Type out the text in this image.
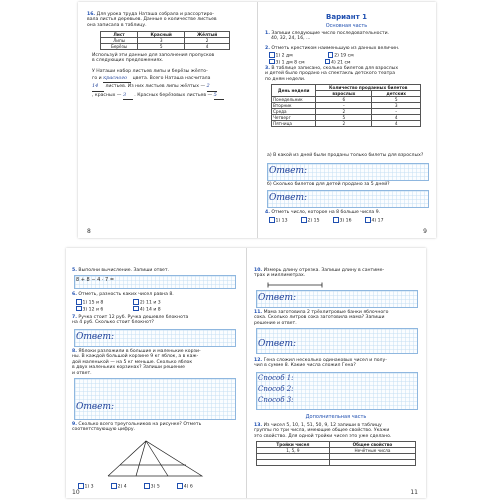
16. Для урока труда Наташа собрала и рассортиро-
вала листья деревьев. Данные о количестве листьев
она записала в таблицу.
Лист	Красный	Жёлтый
Липы	3	2
Берёзы	5	4
Используй эти данные для заполнения пропусков
в следующих предложениях.
У Наташи набор листьев липы и берёзы жёлто-
го и красного цвета. Всего Наташа насчитала
14 листьев. Из них листьев липы жёлтых — 2
, красных — 3 . Красных берёзовых листьев — 5
8
Вариант 1
Основная часть
1. Запиши следующие число последовательности.
40, 32, 24, 16, ...
2. Отметь крестиком наименьшую из данных величин.
1) 2 дм	2) 19 см
3) 1 дм 8 см	4) 21 см
3. В таблице записано, сколько билетов для взрослых
и детей было продано на спектакль детского театра
по дням недели.
День недели	Количество проданных билетов	
	взрослых	детских
Понедельник	6	5
Вторник	–	3
Среда	2	–
Четверг	5	4
Пятница	2	4
а) В какой из дней были проданы только билеты для взрослых?
Ответ:
б) Сколько билетов для детей продано за 5 дней?
Ответ:
4. Отметь число, которое на 8 больше числа 9.
1) 13	2) 15	3) 16	4) 17
9
5. Выполни вычисление. Запиши ответ.
8 + 8 − 4 · 7 =
6. Отметь, разность каких чисел равна 8.
1) 15 и 8	2) 11 и 3
3) 12 и 6	4) 14 и 8
7. Ручка стоит 12 руб. Ручка дешевле блокнота
на 4 руб. Сколько стоит блокнот?
Ответ:
8. Яблоки разложили в большие и маленькие корзи-
ны. В каждой большой корзине 9 кг яблок, а в каж-
дой маленькой — на 5 кг меньше. Сколько яблок
в двух маленьких корзинах? Запиши решение
и ответ.
Ответ:
9. Сколько всего треугольников на рисунке? Отметь
соответствующую цифру.
1) 3	2) 4	3) 5	4) 6
10
10. Измерь длину отрезка. Запиши длину в сантиме-
трах и миллиметрах.
Ответ:
11. Мама заготовила 2 трёхлитровые банки яблочного
сока. Сколько литров сока заготовила мама? Запиши
решение и ответ.
Ответ:
12. Гена сложил несколько одинаковых чисел и полу-
чил в сумме 8. Какие числа сложил Гена?
Способ 1:
Способ 2:
Способ 3:
Дополнительная часть
13. Из чисел 5, 10, 1, 51, 50, 9, 12 запиши в таблицу
группы по три числа, имеющие общее свойство. Укажи
это свойство. Для одной тройки чисел это уже сделано.
Тройки чисел	Общее свойство
1, 5, 9	Нечётные числа

11
